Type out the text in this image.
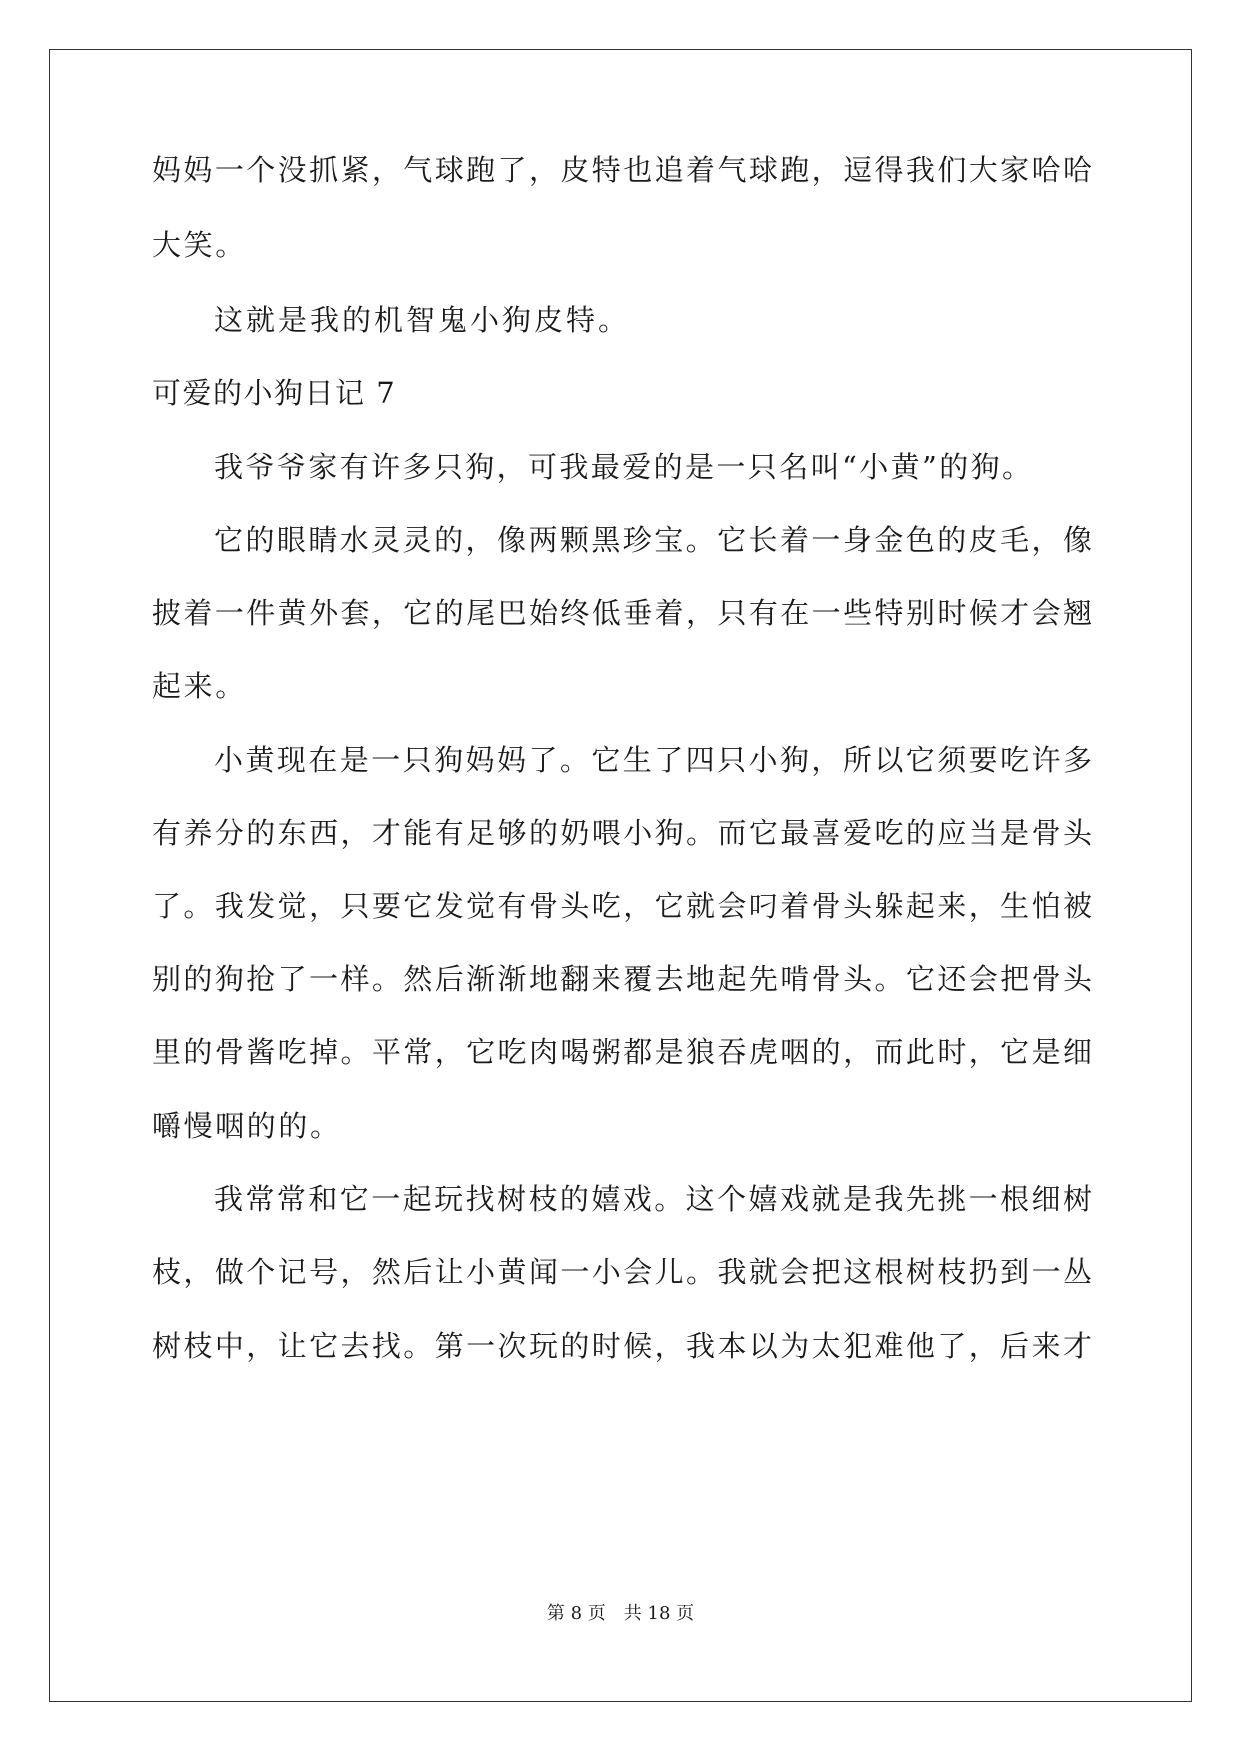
妈妈一个没抓紧，气球跑了，皮特也追着气球跑，逗得我们大家哈哈
大笑。
这就是我的机智鬼小狗皮特。
可爱的小狗日记 7
我爷爷家有许多只狗，可我最爱的是一只名叫“小黄”的狗。
它的眼睛水灵灵的，像两颗黑珍宝。它长着一身金色的皮毛，像
披着一件黄外套，它的尾巴始终低垂着，只有在一些特别时候才会翘
起来。
小黄现在是一只狗妈妈了。它生了四只小狗，所以它须要吃许多
有养分的东西，才能有足够的奶喂小狗。而它最喜爱吃的应当是骨头
了。我发觉，只要它发觉有骨头吃，它就会叼着骨头躲起来，生怕被
别的狗抢了一样。然后渐渐地翻来覆去地起先啃骨头。它还会把骨头
里的骨酱吃掉。平常，它吃肉喝粥都是狼吞虎咽的，而此时，它是细
嚼慢咽的的。
我常常和它一起玩找树枝的嬉戏。这个嬉戏就是我先挑一根细树
枝，做个记号，然后让小黄闻一小会儿。我就会把这根树枝扔到一丛
树枝中，让它去找。第一次玩的时候，我本以为太犯难他了，后来才
第 8 页 共 18 页
